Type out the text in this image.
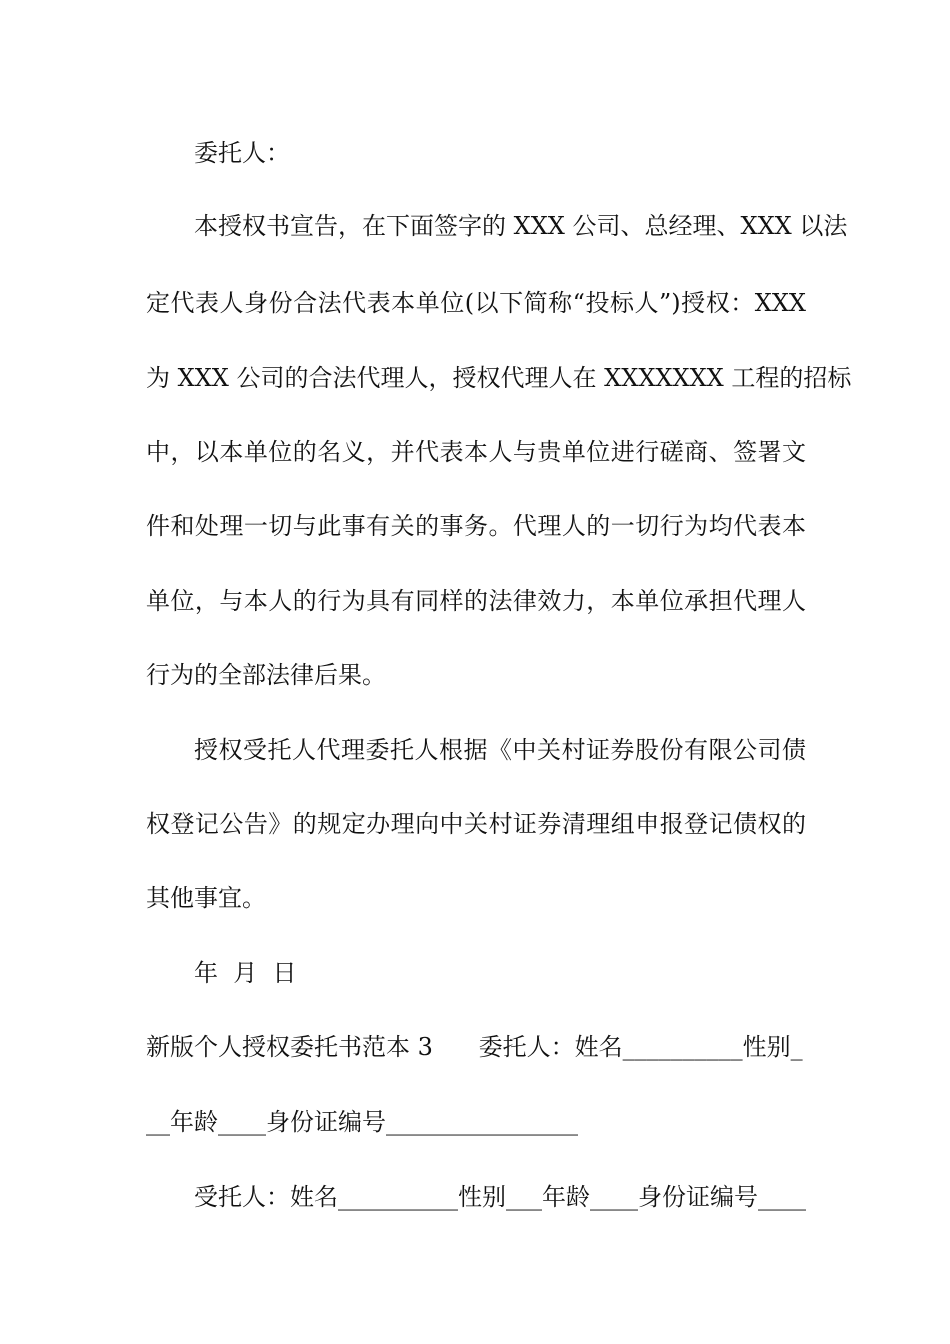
委托人：
本授权书宣告，在下面签字的 XXX 公司、总经理、XXX 以法
定代表人身份合法代表本单位(以下简称“投标人”)授权：XXX
为 XXX 公司的合法代理人，授权代理人在 XXXXXXX 工程的招标
中，以本单位的名义，并代表本人与贵单位进行磋商、签署文
件和处理一切与此事有关的事务。代理人的一切行为均代表本
单位，与本人的行为具有同样的法律效力，本单位承担代理人
行为的全部法律后果。
授权受托人代理委托人根据《中关村证券股份有限公司债
权登记公告》的规定办理向中关村证券清理组申报登记债权的
其他事宜。
年  月  日
新版个人授权委托书范本 3      委托人：姓名__________性别_
__年龄____身份证编号________________
受托人：姓名__________性别___年龄____身份证编号____
